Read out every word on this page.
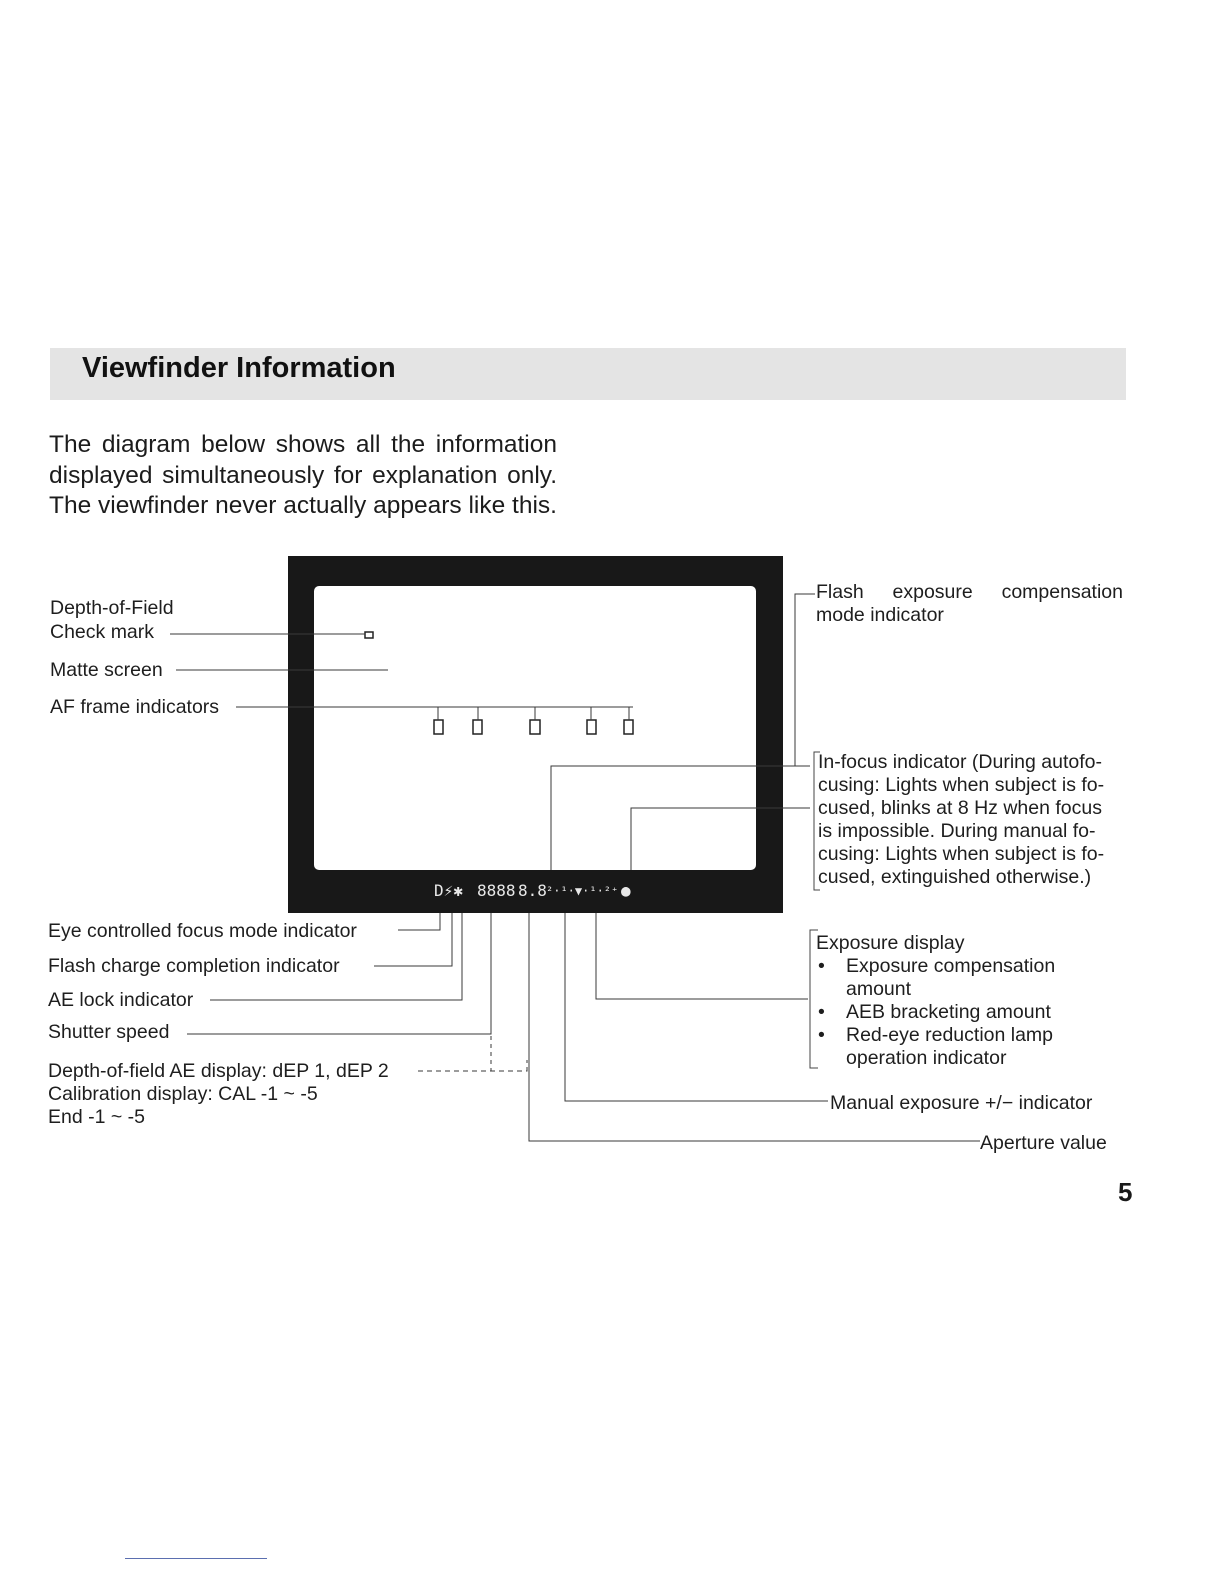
Viewfinder Information
The diagram below shows all the information displayed simultaneously for explanation only. The viewfinder never actually appears like this.
D⚡✱ 8888 8.8 ²·¹·▼·¹·²⁺ ●
Depth-of-Field
Check mark
Matte screen
AF frame indicators
Eye controlled focus mode indicator
Flash charge completion indicator
AE lock indicator
Shutter speed
Depth-of-field AE display: dEP 1, dEP 2
Calibration display: CAL -1 ~ -5
End -1 ~ -5
Flash exposure compensation
mode indicator
In-focus indicator (During autofo-
cusing: Lights when subject is fo-
cused, blinks at 8 Hz when focus
is impossible. During manual fo-
cusing: Lights when subject is fo-
cused, extinguished otherwise.)
Exposure display
• Exposure compensation amount
• AEB bracketing amount
• Red-eye reduction lamp operation indicator
Manual exposure +/− indicator
Aperture value
5
